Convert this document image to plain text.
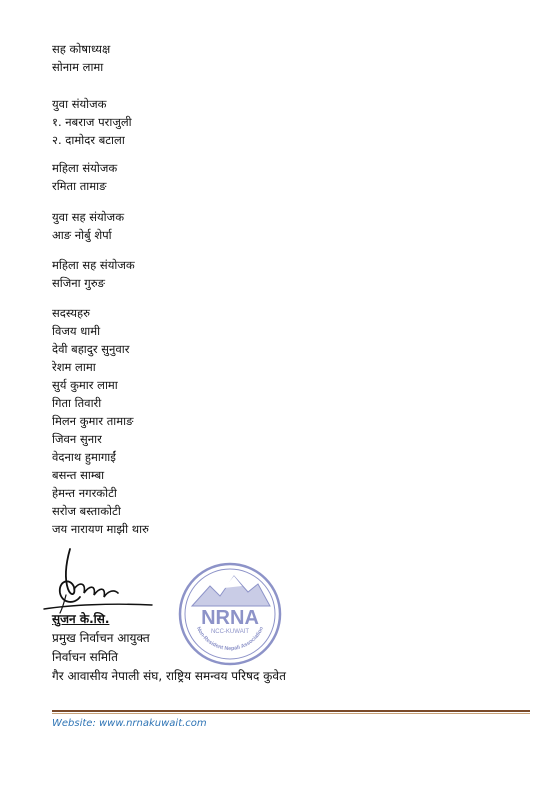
सह कोषाध्यक्ष
सोनाम लामा
युवा संयोजक
१. नबराज पराजुली
२. दामोदर बटाला
महिला संयोजक
रमिता तामाङ
युवा सह संयोजक
आङ नोर्बु शेर्पा
महिला सह संयोजक
सजिना गुरुङ
सदस्यहरु
विजय धामी
देवी बहादुर सुनुवार
रेशम लामा
सुर्य कुमार लामा
गिता तिवारी
मिलन कुमार तामाङ
जिवन सुनार
वेदनाथ हुमागाईं
बसन्त साम्बा
हेमन्त नगरकोटी
सरोज बस्ताकोटी
जय नारायण माझी थारु
NRNA
NCC-KUWAIT
Non-Resident Nepali Association
सुजन के.सि.
प्रमुख निर्वाचन आयुक्त
निर्वाचन समिति
गैर आवासीय नेपाली संघ, राष्ट्रिय समन्वय परिषद कुवेत
Website: www.nrnakuwait.com
